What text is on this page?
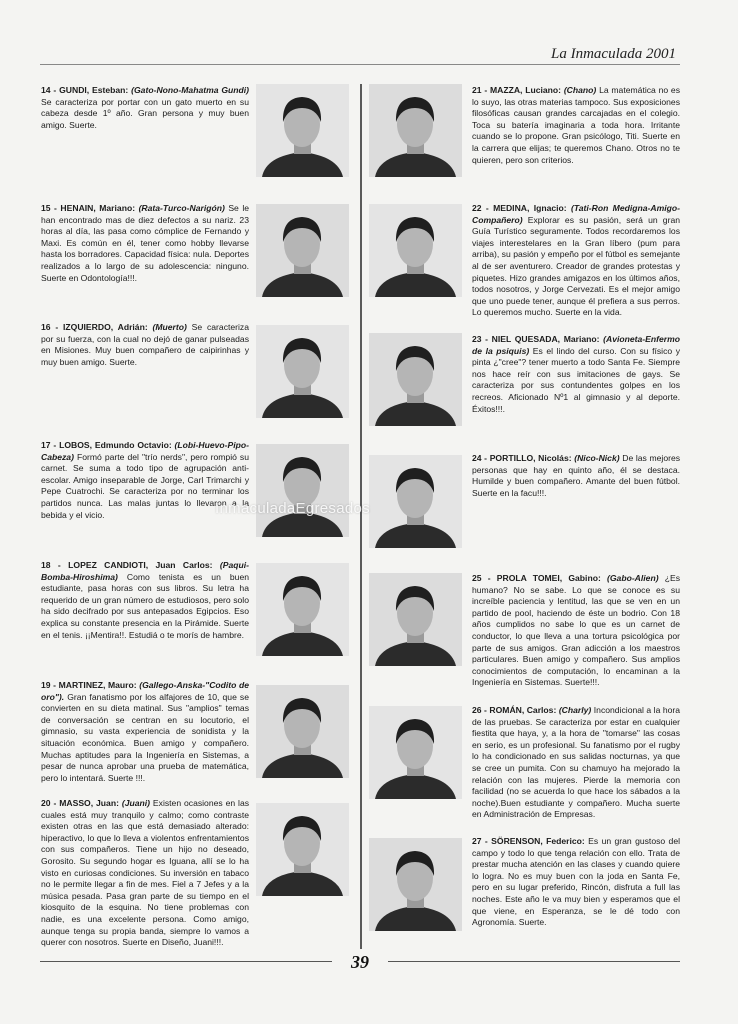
La Inmaculada 2001
14 - GUNDI, Esteban: (Gato-Nono-Mahatma Gundi) Se caracteriza por portar con un gato muerto en su cabeza desde 1º año. Gran persona y muy buen amigo. Suerte.
15 - HENAIN, Mariano: (Rata-Turco-Narigón) Se le han encontrado mas de diez defectos a su nariz. 23 horas al día, las pasa como cómplice de Fernando y Maxi. Es común en él, tener como hobby llevarse hasta los borradores. Capacidad física: nula. Deportes realizados a lo largo de su adolescencia: ninguno. Suerte en Odontología!!!.
16 - IZQUIERDO, Adrián: (Muerto) Se caracteriza por su fuerza, con la cual no dejó de ganar pulseadas en Misiones. Muy buen compañero de caipirinhas y muy buen amigo. Suerte.
17 - LOBOS, Edmundo Octavio: (Lobi-Huevo-Pipo-Cabeza) Formó parte del "trío nerds", pero rompió su carnet. Se suma a todo tipo de agrupación anti-escolar. Amigo inseparable de Jorge, Carl Trimarchi y Pepe Cuatrochi. Se caracteriza por no terminar los partidos nunca. Las malas juntas lo llevaron a la bebida y el vicio.
18 - LOPEZ CANDIOTI, Juan Carlos: (Paqui-Bomba-Hiroshima) Como tenista es un buen estudiante, pasa horas con sus libros. Su letra ha requerido de un gran número de estudiosos, pero solo ha sido decifrado por sus antepasados Egipcios. Eso explica su constante presencia en la Pirámide. Suerte en el tenis. ¡¡Mentira!!. Estudiá o te morís de hambre.
19 - MARTINEZ, Mauro: (Gallego-Anska-"Codito de oro"). Gran fanatismo por los alfajores de 10, que se convierten en su dieta matinal. Sus "amplios" temas de conversación se centran en su locutorio, el gimnasio, su vasta experiencia de sonidista y la situación económica. Buen amigo y compañero. Muchas aptitudes para la Ingeniería en Sistemas, a pesar de nunca aprobar una prueba de matemática, pero lo intentará. Suerte !!!.
20 - MASSO, Juan: (Juani) Existen ocasiones en las cuales está muy tranquilo y calmo; como contraste existen otras en las que está demasiado alterado: hiperactivo, lo que lo lleva a violentos enfrentamientos con sus compañeros. Tiene un hijo no deseado, Gorosito. Su segundo hogar es Iguana, allí se lo ha visto en curiosas condiciones. Su inversión en tabaco no le permite llegar a fin de mes. Fiel a 7 Jefes y a la música pesada. Pasa gran parte de su tiempo en el kiosquito de la esquina. No tiene problemas con nadie, es una excelente persona. Como amigo, aunque tenga su propia banda, siempre lo vamos a querer con nosotros. Suerte en Diseño, Juani!!!.
21 - MAZZA, Luciano: (Chano) La matemática no es lo suyo, las otras materias tampoco. Sus exposiciones filosóficas causan grandes carcajadas en el colegio. Toca su batería imaginaria a toda hora. Irritante cuando se lo propone. Gran psicólogo, Titi. Suerte en la carrera que elijas; te queremos Chano. Otros no te quieren, pero son criterios.
22 - MEDINA, Ignacio: (Tati-Ron Medigna-Amigo-Compañero) Explorar es su pasión, será un gran Guía Turístico seguramente. Todos recordaremos los viajes interestelares en la Gran líbero (pum para arriba), su pasión y empeño por el fútbol es semejante al de ser aventurero. Creador de grandes protestas y piquetes. Hizo grandes amigazos en los últimos años, todos nosotros, y Jorge Cervezati. Es el mejor amigo que uno puede tener, aunque él prefiera a sus perros. Lo queremos mucho. Suerte en la vida.
23 - NIEL QUESADA, Mariano: (Avioneta-Enfermo de la psiquis) Es el lindo del curso. Con su físico y pinta ¿"cree"? tener muerto a todo Santa Fe. Siempre nos hace reír con sus imitaciones de gays. Se caracteriza por sus contundentes golpes en los recreos. Aficionado Nº1 al gimnasio y al deporte. Éxitos!!!.
24 - PORTILLO, Nicolás: (Nico-Nick) De las mejores personas que hay en quinto año, él se destaca. Humilde y buen compañero. Amante del buen fútbol. Suerte en la facu!!!.
25 - PROLA TOMEI, Gabino: (Gabo-Alien) ¿Es humano? No se sabe. Lo que se conoce es su increíble paciencia y lentitud, las que se ven en un partido de pool, haciendo de éste un bodrio. Con 18 años cumplidos no sabe lo que es un carnet de conductor, lo que lleva a una tortura psicológica por parte de sus amigos. Gran adicción a los maestros particulares. Buen amigo y compañero. Sus amplios conocimientos de computación, lo encaminan a la Ingeniería en Sistemas. Suerte!!!.
26 - ROMÁN, Carlos: (Charly) Incondicional a la hora de las pruebas. Se caracteriza por estar en cualquier fiestita que haya, y, a la hora de "tomarse" las cosas en serio, es un profesional. Su fanatismo por el rugby lo ha condicionado en sus salidas nocturnas, ya que se cree un pumita. Con su chamuyo ha mejorado la relación con las mujeres. Pierde la memoria con facilidad (no se acuerda lo que hace los sábados a la noche).Buen estudiante y compañero. Mucha suerte en Administración de Empresas.
27 - SÖRENSON, Federico: Es un gran gustoso del campo y todo lo que tenga relación con ello. Trata de prestar mucha atención en las clases y cuando quiere lo logra. No es muy buen con la joda en Santa Fe, pero en su lugar preferido, Rincón, disfruta a full las noches. Este año le va muy bien y esperamos que el que viene, en Esperanza, se le dé todo con Agronomía. Suerte.
InmaculadaEgresados
39
